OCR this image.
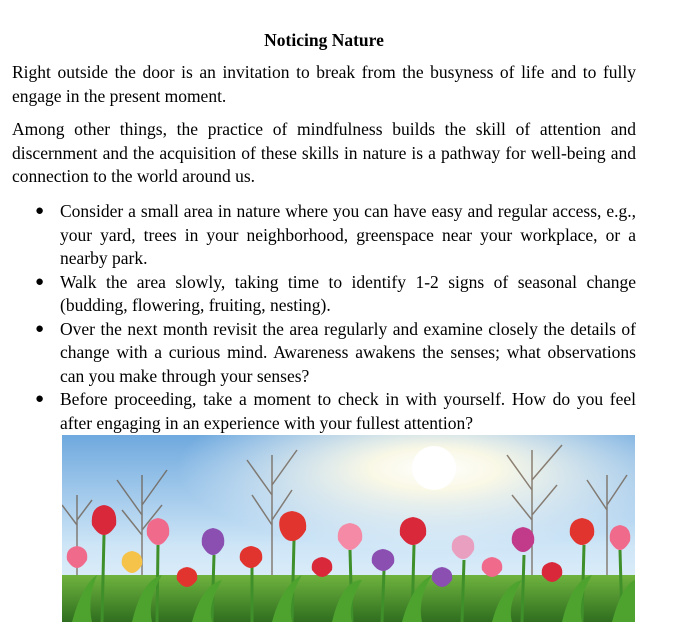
Noticing Nature

Right outside the door is an invitation to break from the busyness of life and to fully engage in the present moment.

Among other things, the practice of mindfulness builds the skill of attention and discernment and the acquisition of these skills in nature is a pathway for well-being and connection to the world around us.

● Consider a small area in nature where you can have easy and regular access, e.g., your yard, trees in your neighborhood, greenspace near your workplace, or a nearby park.
● Walk the area slowly, taking time to identify 1-2 signs of seasonal change (budding, flowering, fruiting, nesting).
● Over the next month revisit the area regularly and examine closely the details of change with a curious mind. Awareness awakens the senses; what observations can you make through your senses?
● Before proceeding, take a moment to check in with yourself. How do you feel after engaging in an experience with your fullest attention?
